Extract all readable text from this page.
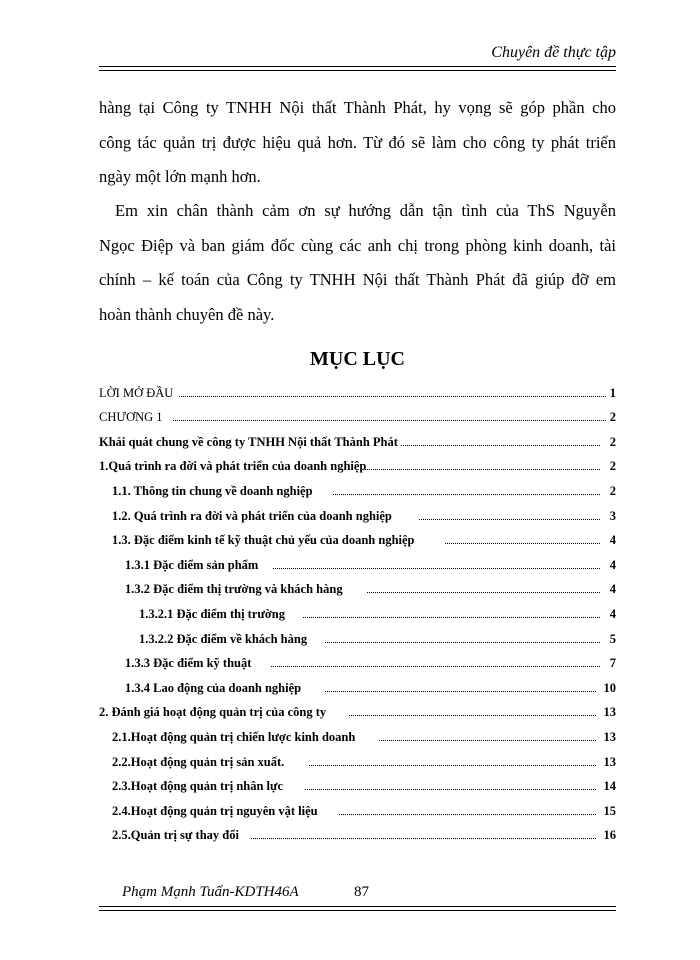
Chuyên đề thực tập
hàng tại Công ty TNHH Nội thất Thành Phát, hy vọng sẽ góp phần cho
công tác quản trị được hiệu quả hơn. Từ đó sẽ làm cho công ty phát triển
ngày một lớn mạnh hơn.
Em xin chân thành cảm ơn sự hướng dẫn tận tình của ThS Nguyễn
Ngọc Điệp và ban giám đốc cùng các anh chị trong phòng kinh doanh, tài
chính – kế toán của Công ty TNHH Nội thất Thành Phát đã giúp đỡ em
hoàn thành chuyên đề này.
MỤC LỤC
LỜI MỞ ĐẦU	1
CHƯƠNG 1	2
Khái quát chung về công ty TNHH Nội thất Thành Phát	2
1.Quá trình ra đời và phát triển của doanh nghiệp	2
1.1. Thông tin chung về doanh nghiệp	2
1.2. Quá trình ra đời và phát triển của doanh nghiệp	3
1.3. Đặc điểm kinh tế kỹ thuật chủ yếu của doanh nghiệp	4
1.3.1 Đặc điểm sản phẩm	4
1.3.2 Đặc điểm thị trường và khách hàng	4
1.3.2.1 Đặc điểm thị trường	4
1.3.2.2 Đặc điểm về khách hàng	5
1.3.3 Đặc điểm kỹ thuật	7
1.3.4 Lao động của doanh nghiệp	10
2. Đánh giá hoạt động quản trị của công ty	13
2.1.Hoạt động quản trị chiến lược kinh doanh	13
2.2.Hoạt động quản trị sản xuất.	13
2.3.Hoạt động quản trị nhân lực	14
2.4.Hoạt động quản trị nguyên vật liệu	15
2.5.Quản trị sự thay đổi	16
Phạm Mạnh Tuấn-KDTH46A	87
